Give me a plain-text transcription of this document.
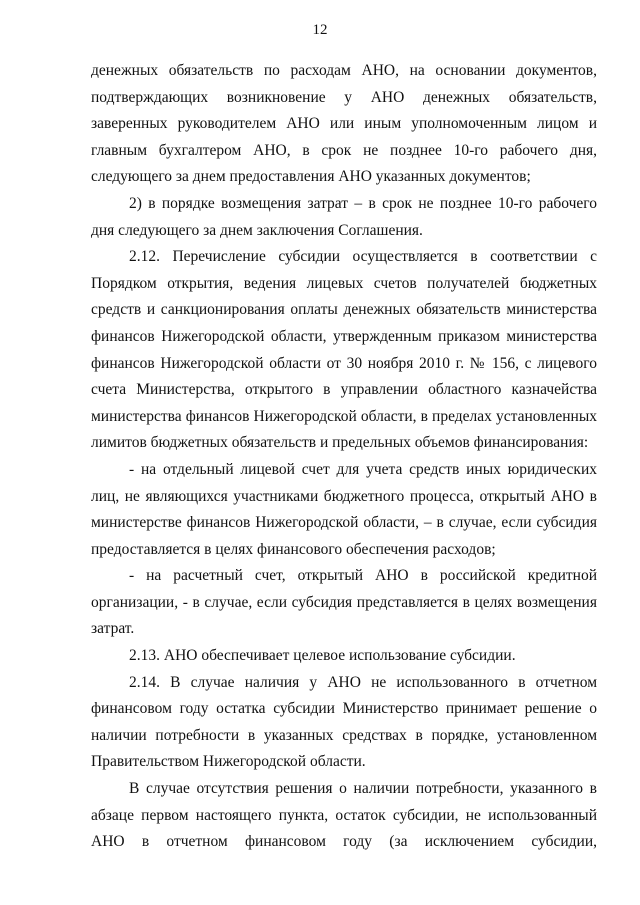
12

денежных обязательств по расходам АНО, на основании документов, подтверждающих возникновение у АНО денежных обязательств, заверенных руководителем АНО или иным уполномоченным лицом и главным бухгалтером АНО, в срок не позднее 10-го рабочего дня, следующего за днем предоставления АНО указанных документов;

2) в порядке возмещения затрат – в срок не позднее 10-го рабочего дня следующего за днем заключения Соглашения.

2.12. Перечисление субсидии осуществляется в соответствии с Порядком открытия, ведения лицевых счетов получателей бюджетных средств и санкционирования оплаты денежных обязательств министерства финансов Нижегородской области, утвержденным приказом министерства финансов Нижегородской области от 30 ноября 2010 г. № 156, с лицевого счета Министерства, открытого в управлении областного казначейства министерства финансов Нижегородской области, в пределах установленных лимитов бюджетных обязательств и предельных объемов финансирования:

- на отдельный лицевой счет для учета средств иных юридических лиц, не являющихся участниками бюджетного процесса, открытый АНО в министерстве финансов Нижегородской области, – в случае, если субсидия предоставляется в целях финансового обеспечения расходов;

- на расчетный счет, открытый АНО в российской кредитной организации, - в случае, если субсидия представляется в целях возмещения затрат.

2.13. АНО обеспечивает целевое использование субсидии.

2.14. В случае наличия у АНО не использованного в отчетном финансовом году остатка субсидии Министерство принимает решение о наличии потребности в указанных средствах в порядке, установленном Правительством Нижегородской области.

В случае отсутствия решения о наличии потребности, указанного в абзаце первом настоящего пункта, остаток субсидии, не использованный АНО в отчетном финансовом году (за исключением субсидии,
